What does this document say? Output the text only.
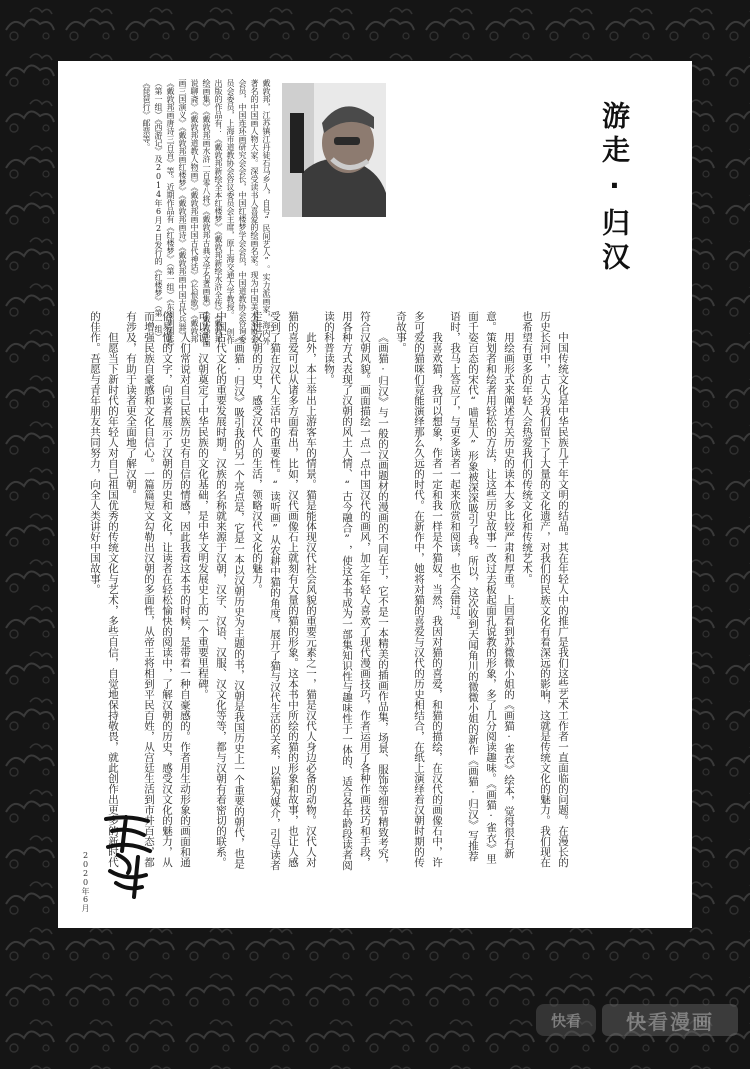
游走·归汉
戴敦邦，江苏镇江丹徒石马乡人，自号“民间艺人”。实力派画家，海内外著名的中国画人物大家。深受读书人喜爱的绘画名家。现为中国美术家协会会员，中国连环画研究会会长，中国红楼梦学会会员，中国道教协会咨询委员会委员，上海市道教协会咨议委员会主席，原上海交通大学教授。 创作出版的作品有：《戴敦邦新绘全本红楼梦》《戴敦邦新绘水浒全传》《戴敦邦绘画集》《戴敦邦画水浒一百零八将》《戴敦邦古典文学名著画集》《戴敦邦画说聊斋》《戴敦邦道教人物画》《戴敦邦画中国古代神话》《长恨歌》《戴敦邦画三国演义》《戴敦邦画红楼梦》《戴敦邦画诗》《戴敦邦画中国古代兵器》《戴敦邦画唐诗三百首》等。近期作品有《红楼梦》（第一组）《东周列国志》（第一组）《西游记》及2014年6月2日发行的《红楼梦》（第一组）《琵琶行》邮票等。

中国传统文化是中华民族几千年文明的结晶。其在年轻人中的推广是我们这些艺术工作者一直面临的问题。在漫长的历史长河中，古人为我们留下了大量的文化遗产，对我们的民族文化有着深远的影响，这就是传统文化的魅力。我们现在也希望有更多的年轻人会热爱我们的传统文化和传统艺术。

用绘画形式来阐述有关历史的读本大多比较严肃和厚重。上回看到苏微微小姐的《画猫·雀衣》绘本，觉得很有新意。策划者和绘者用轻松的方法，让这些历史故事一改过去板起面孔说教的形象，多了几分阅读趣味。《画猫·雀衣》里面千姿百态的宋代“喵星人”形象被深深吸引了我。所以，这次收到天闻角川的微微小姐的新作《画猫·归汉》写推荐语时，我马上答应了，与更多读者一起来欣赏和阅读，也不会错过。

我喜欢猫，我可以想象，作者一定和我一样是个猫奴。当然，我因对猫的喜爱，和猫的描绘，在汉代的画像石中，许多可爱的猫咪们竟能演绎那么久远的时代。在新作中，她将对猫的喜爱与汉代的历史相结合，在纸上演绎着汉朝时期的传奇故事。

《画猫·归汉》与一般的汉画题材的漫画的不同在于，它不是一本精美的插画作品集，场景、服饰等细节精致考究，符合汉朝风貌。画面描绘一点一点中国汉代的画风，加之年轻人喜欢了现代漫画技巧，作者运用了各种作画技巧和手段，用各种方式表现了汉朝的风土人情、“古今融合”，使这本书成为一部集知识性与趣味性于一体的、适合各年龄段读者阅读的科普读物。

此外，本士举出上游客车的情景。猫是能体现汉代社会风貌的重要元素之一，猫是汉代人身边必备的动物。汉代人对猫的喜爱可以从诸多方面看出，比如，汉代画像石上就刻有大量的猫的形象。这本书中所绘的猫的形象和故事，也让人感受到了猫在汉代人生活中的重要性。“读听画”从农耕中猫的角度，展开了猫与汉代生活的关系，以猫为媒介，引导读者走进汉朝的历史，感受汉代人的生活，领略汉代文化的魅力。

《画猫·归汉》吸引我的另一个亮点是，它是一本以汉朝历史为主题的书，汉朝是我国历史上一个重要的朝代，也是中国古代文化的重要发展时期。汉族的名称就来源于汉朝，汉字、汉语、汉服、汉文化等等，都与汉朝有着密切的联系。可以说，汉朝奠定了中华民族的文化基础，是中华文明发展史上的一个重要里程碑。

人们常说对自己民族历史有自信的情感，因此我看这本书的时候，是带着一种自豪感的。作者用生动形象的画面和通俗易懂的文字，向读者展示了汉朝的历史和文化，让读者在轻松愉快的阅读中，了解汉朝的历史，感受汉文化的魅力，从而增强民族自豪感和文化自信心。一篇篇短文勾勒出汉朝的多面性，从帝王将相到平民百姓，从宫廷生活到市井百态，都有涉及，有助于读者更全面地了解汉朝。

但愿当下新时代的年轻人对自己祖国优秀的传统文化与艺术，多些自信，自觉地保持敬畏，就此创作出更多的新时代的佳作。吾愿与青年朋友共同努力，向全人类讲好中国故事。

2020年6月
快看	快看漫画
